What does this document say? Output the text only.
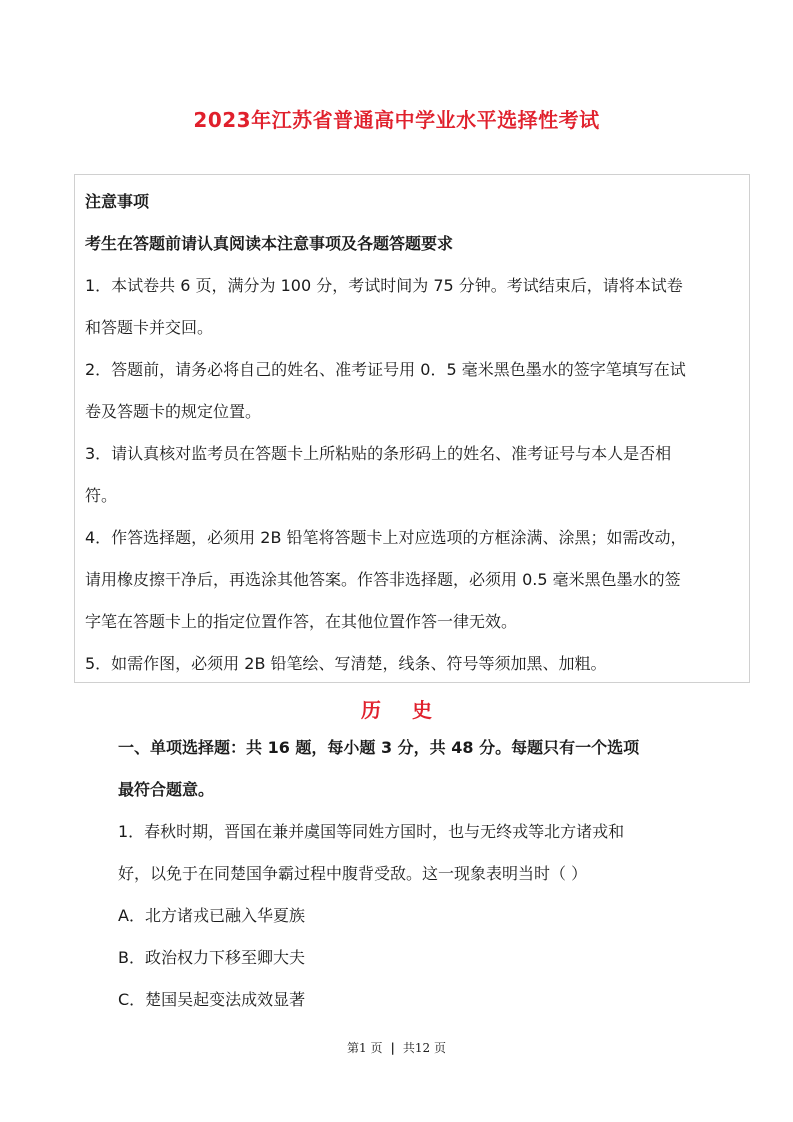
2023年江苏省普通高中学业水平选择性考试
注意事项
考生在答题前请认真阅读本注意事项及各题答题要求
1．本试卷共 6 页，满分为 100 分，考试时间为 75 分钟。考试结束后，请将本试卷
和答题卡并交回。
2．答题前，请务必将自己的姓名、准考证号用 0．5 毫米黑色墨水的签字笔填写在试
卷及答题卡的规定位置。
3．请认真核对监考员在答题卡上所粘贴的条形码上的姓名、准考证号与本人是否相
符。
4．作答选择题，必须用 2B 铅笔将答题卡上对应选项的方框涂满、涂黑；如需改动，
请用橡皮擦干净后，再选涂其他答案。作答非选择题，必须用 0.5 毫米黑色墨水的签
字笔在答题卡上的指定位置作答，在其他位置作答一律无效。
5．如需作图，必须用 2B 铅笔绘、写清楚，线条、符号等须加黑、加粗。
历 史
一、单项选择题：共 16 题，每小题 3 分，共 48 分。每题只有一个选项
最符合题意。
1．春秋时期，晋国在兼并虞国等同姓方国时，也与无终戎等北方诸戎和
好，以免于在同楚国争霸过程中腹背受敌。这一现象表明当时（ ）
A．北方诸戎已融入华夏族
B．政治权力下移至卿大夫
C．楚国吴起变法成效显著
第1 页 | 共12 页
